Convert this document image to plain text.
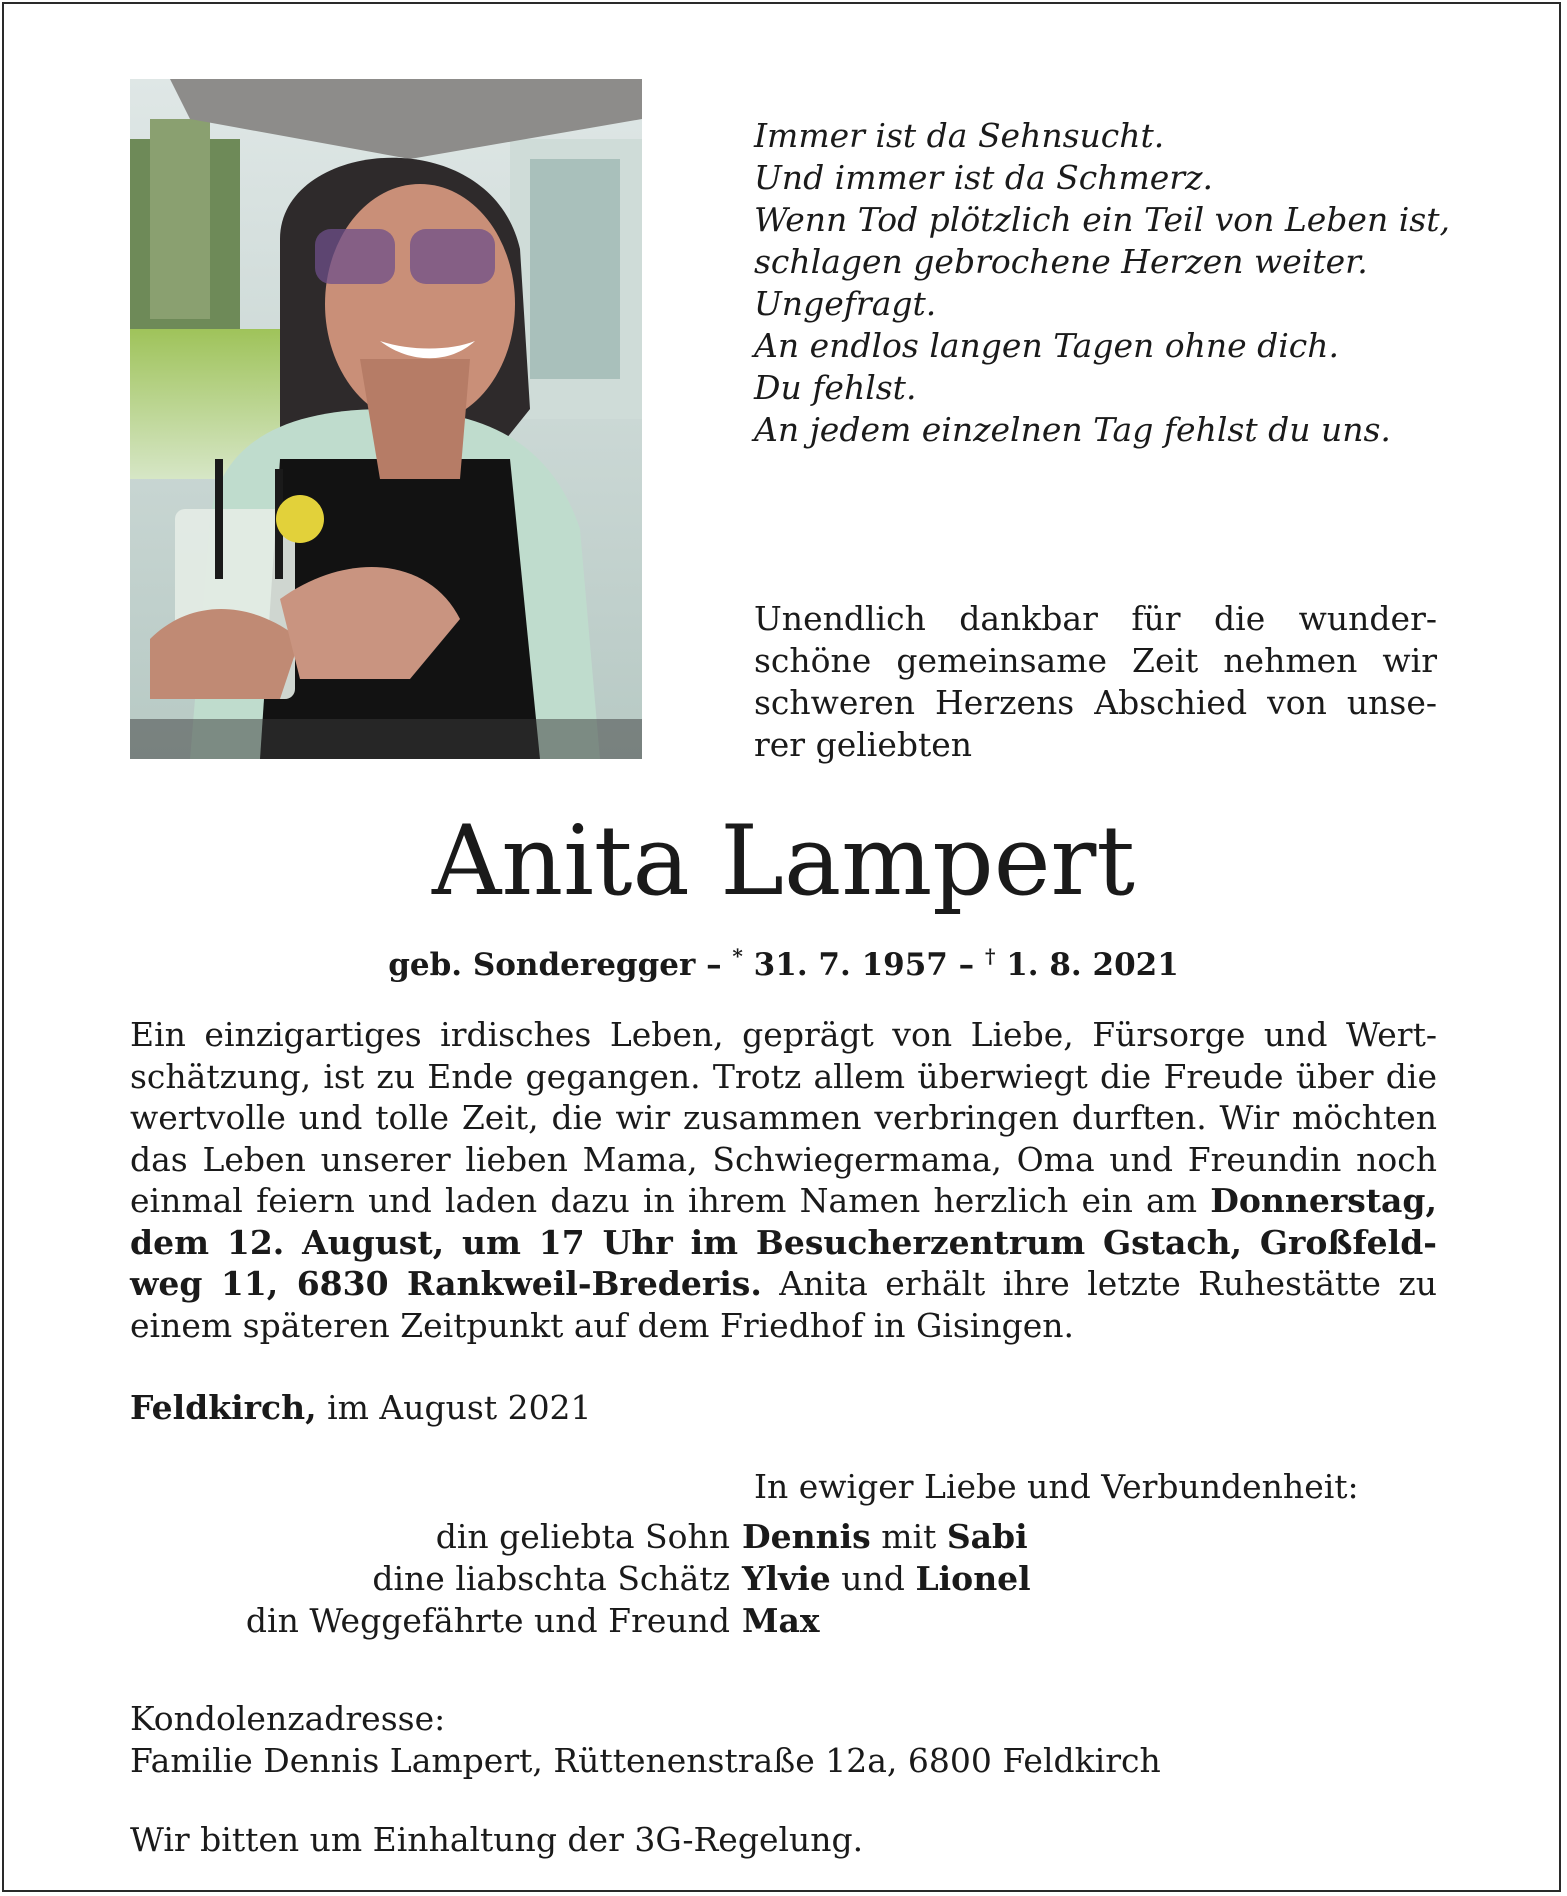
Immer ist da Sehnsucht.
Und immer ist da Schmerz.
Wenn Tod plötzlich ein Teil von Leben ist,
schlagen gebrochene Herzen weiter.
Ungefragt.
An endlos langen Tagen ohne dich.
Du fehlst.
An jedem einzelnen Tag fehlst du uns.
Unendlich dankbar für die wunder-
schöne gemeinsame Zeit nehmen wir
schweren Herzens Abschied von unse-
rer geliebten
Anita Lampert
geb. Sonderegger – * 31. 7. 1957 – † 1. 8. 2021
Ein einzigartiges irdisches Leben, geprägt von Liebe, Fürsorge und Wert-
schätzung, ist zu Ende gegangen. Trotz allem überwiegt die Freude über die
wertvolle und tolle Zeit, die wir zusammen verbringen durften. Wir möchten
das Leben unserer lieben Mama, Schwiegermama, Oma und Freundin noch
einmal feiern und laden dazu in ihrem Namen herzlich ein am Donnerstag,
dem 12. August, um 17 Uhr im Besucherzentrum Gstach, Großfeld-
weg 11, 6830 Rankweil-Brederis. Anita erhält ihre letzte Ruhestätte zu
einem späteren Zeitpunkt auf dem Friedhof in Gisingen.
Feldkirch, im August 2021
In ewiger Liebe und Verbundenheit:
din geliebta Sohn Dennis mit Sabi
dine liabschta Schätz Ylvie und Lionel
din Weggefährte und Freund Max
Kondolenzadresse:
Familie Dennis Lampert, Rüttenenstraße 12a, 6800 Feldkirch
Wir bitten um Einhaltung der 3G-Regelung.
